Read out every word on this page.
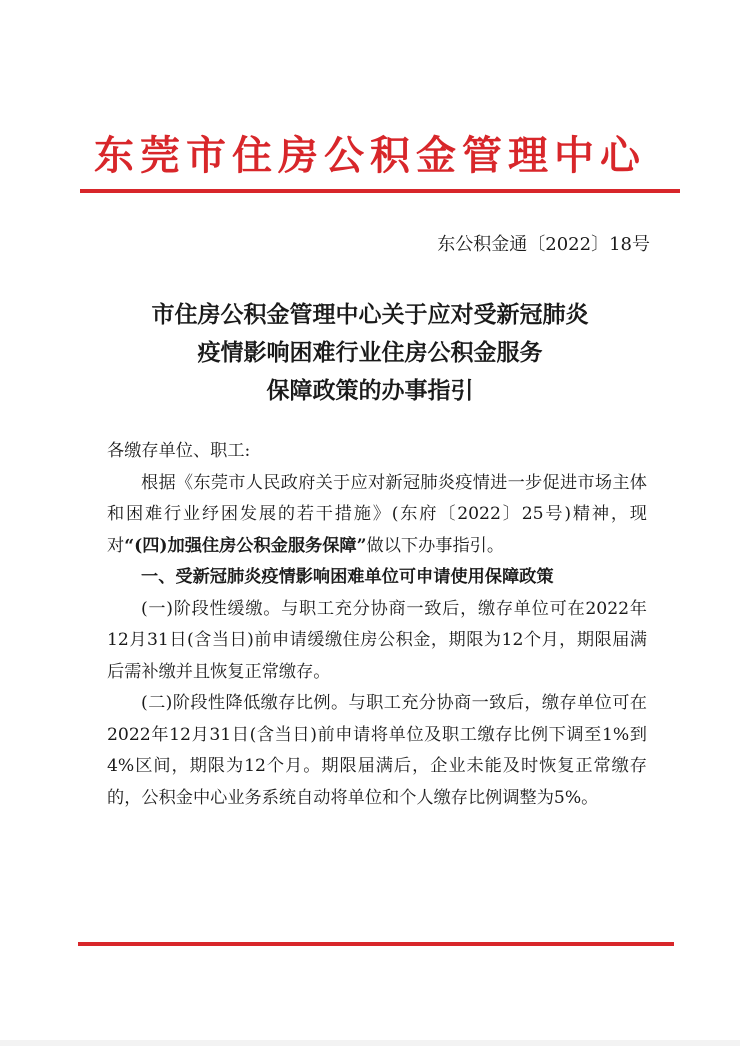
东莞市住房公积金管理中心
东公积金通〔2022〕18号
市住房公积金管理中心关于应对受新冠肺炎
疫情影响困难行业住房公积金服务
保障政策的办事指引

各缴存单位、职工:

根据《东莞市人民政府关于应对新冠肺炎疫情进一步促进市场主体和困难行业纾困发展的若干措施》(东府〔2022〕25号)精神，现对“(四)加强住房公积金服务保障”做以下办事指引。

一、受新冠肺炎疫情影响困难单位可申请使用保障政策

(一)阶段性缓缴。与职工充分协商一致后，缴存单位可在2022年12月31日(含当日)前申请缓缴住房公积金，期限为12个月，期限届满后需补缴并且恢复正常缴存。

(二)阶段性降低缴存比例。与职工充分协商一致后，缴存单位可在2022年12月31日(含当日)前申请将单位及职工缴存比例下调至1%到4%区间，期限为12个月。期限届满后，企业未能及时恢复正常缴存的，公积金中心业务系统自动将单位和个人缴存比例调整为5%。
